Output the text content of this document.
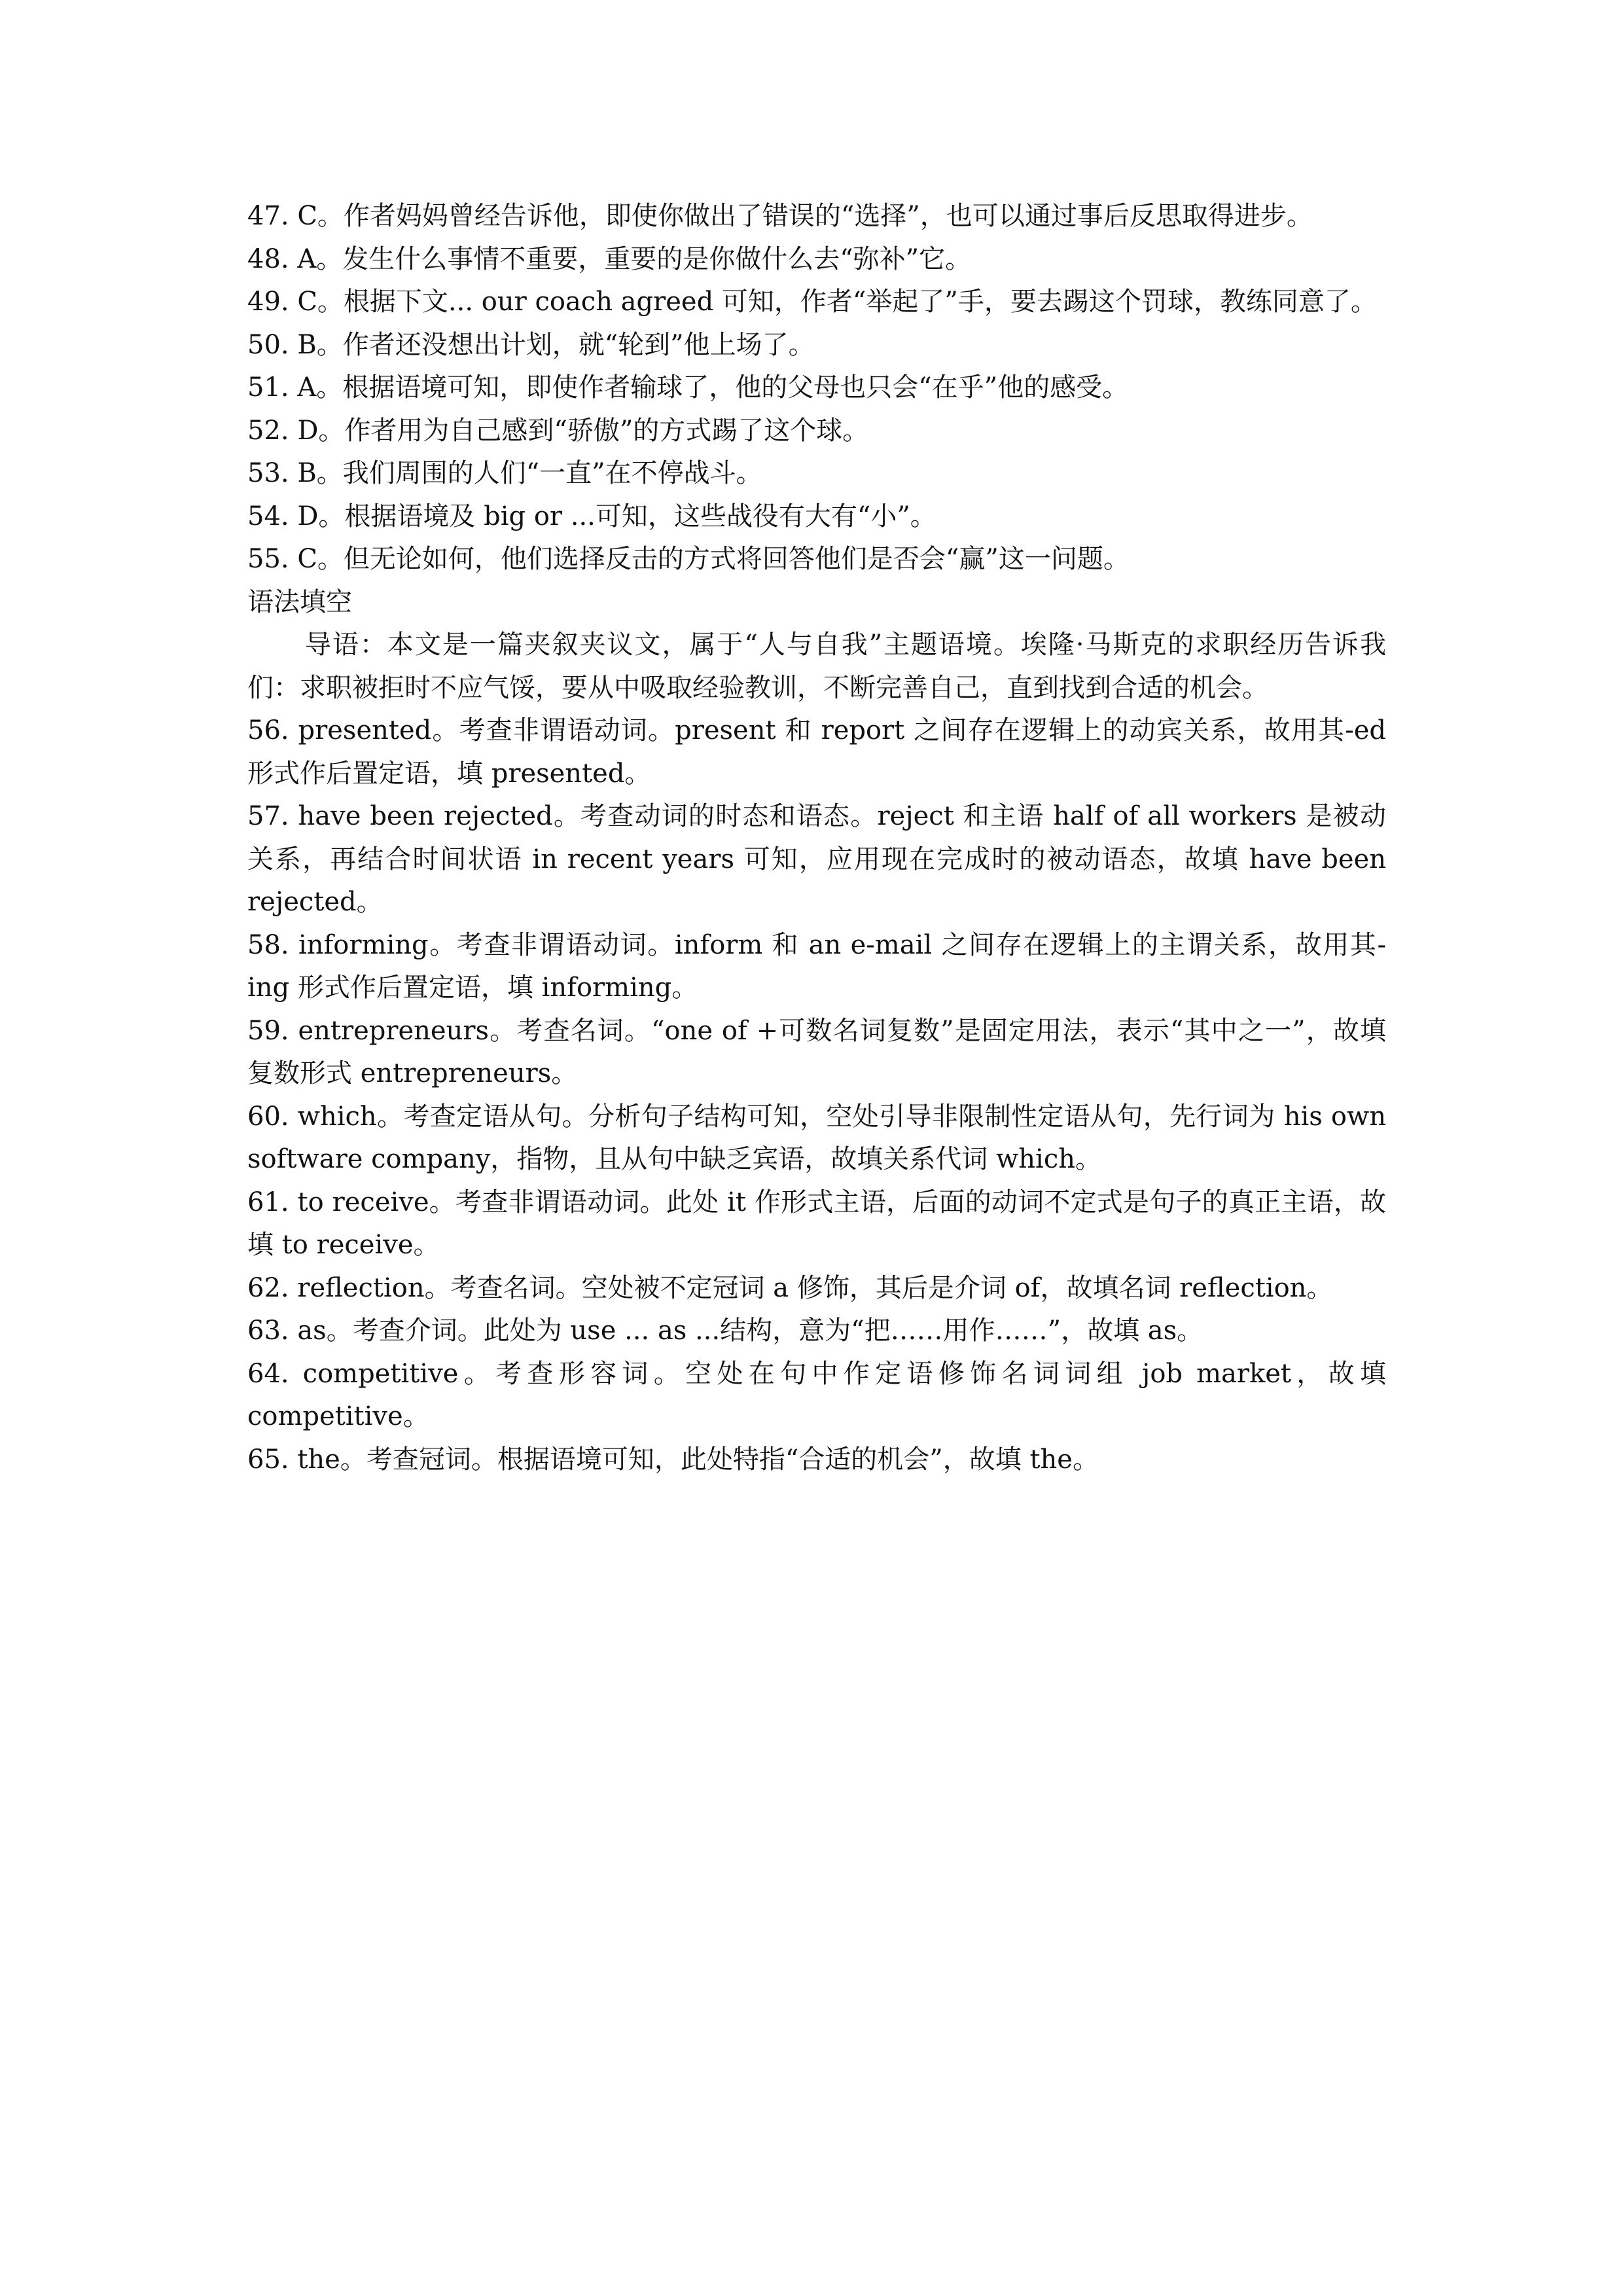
47. C。作者妈妈曾经告诉他，即使你做出了错误的“选择”，也可以通过事后反思取得进步。

48. A。发生什么事情不重要，重要的是你做什么去“弥补”它。

49. C。根据下文... our coach agreed 可知，作者“举起了”手，要去踢这个罚球，教练同意了。

50. B。作者还没想出计划，就“轮到”他上场了。

51. A。根据语境可知，即使作者输球了，他的父母也只会“在乎”他的感受。

52. D。作者用为自己感到“骄傲”的方式踢了这个球。

53. B。我们周围的人们“一直”在不停战斗。

54. D。根据语境及 big or ...可知，这些战役有大有“小”。

55. C。但无论如何，他们选择反击的方式将回答他们是否会“赢”这一问题。

语法填空

导语：本文是一篇夹叙夹议文，属于“人与自我”主题语境。埃隆·马斯克的求职经历告诉我们：求职被拒时不应气馁，要从中吸取经验教训，不断完善自己，直到找到合适的机会。

56. presented。考查非谓语动词。present 和 report 之间存在逻辑上的动宾关系，故用其-ed 形式作后置定语，填 presented。

57. have been rejected。考查动词的时态和语态。reject 和主语 half of all workers 是被动关系，再结合时间状语 in recent years 可知，应用现在完成时的被动语态，故填 have been rejected。

58. informing。考查非谓语动词。inform 和 an e-mail 之间存在逻辑上的主谓关系，故用其-ing 形式作后置定语，填 informing。

59. entrepreneurs。考查名词。“one of +可数名词复数”是固定用法，表示“其中之一”，故填复数形式 entrepreneurs。

60. which。考查定语从句。分析句子结构可知，空处引导非限制性定语从句，先行词为 his own software company，指物，且从句中缺乏宾语，故填关系代词 which。

61. to receive。考查非谓语动词。此处 it 作形式主语，后面的动词不定式是句子的真正主语，故填 to receive。

62. reflection。考查名词。空处被不定冠词 a 修饰，其后是介词 of，故填名词 reflection。

63. as。考查介词。此处为 use ... as ...结构，意为“把……用作……”，故填 as。

64. competitive。考查形容词。空处在句中作定语修饰名词词组 job market，故填 competitive。

65. the。考查冠词。根据语境可知，此处特指“合适的机会”，故填 the。
